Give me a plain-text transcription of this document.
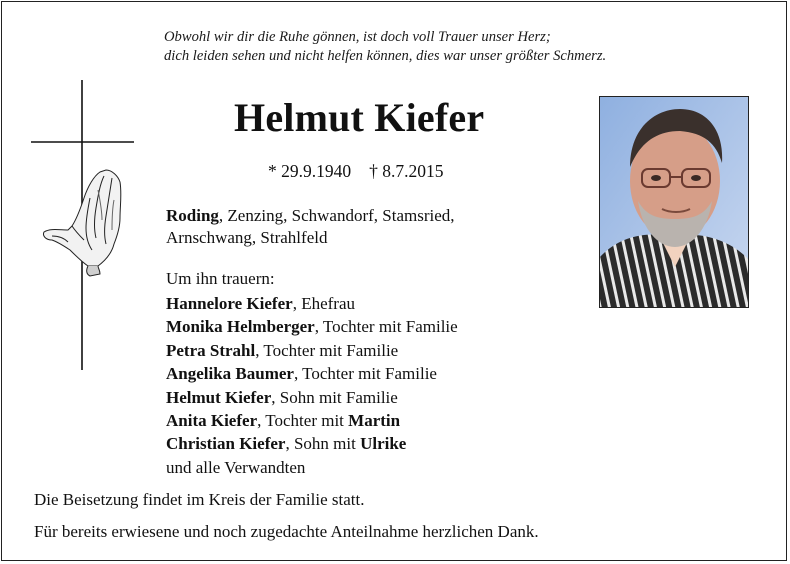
Obwohl wir dir die Ruhe gönnen, ist doch voll Trauer unser Herz;
dich leiden sehen und nicht helfen können, dies war unser größter Schmerz.
Helmut Kiefer
* 29.9.1940 † 8.7.2015
Roding, Zenzing, Schwandorf, Stamsried,
Arnschwang, Strahlfeld
Um ihn trauern:
Hannelore Kiefer, Ehefrau
Monika Helmberger, Tochter mit Familie
Petra Strahl, Tochter mit Familie
Angelika Baumer, Tochter mit Familie
Helmut Kiefer, Sohn mit Familie
Anita Kiefer, Tochter mit Martin
Christian Kiefer, Sohn mit Ulrike
und alle Verwandten
Die Beisetzung findet im Kreis der Familie statt.
Für bereits erwiesene und noch zugedachte Anteilnahme herzlichen Dank.
